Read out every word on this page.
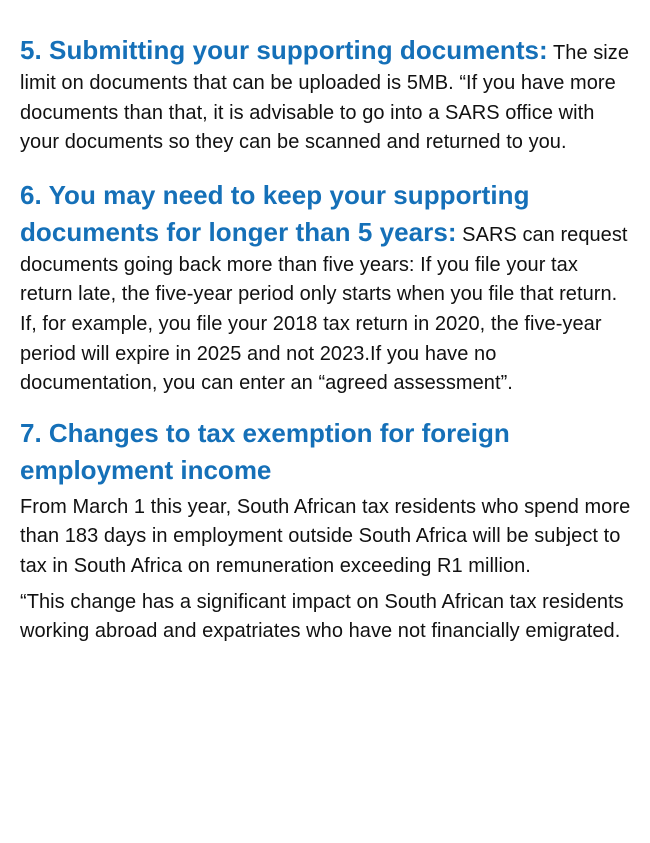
5. Submitting your supporting documents: The size limit on documents that can be uploaded is 5MB. “If you have more documents than that, it is advisable to go into a SARS office with your documents so they can be scanned and returned to you.

6. You may need to keep your supporting documents for longer than 5 years: SARS can request documents going back more than five years: If you file your tax return late, the five-year period only starts when you file that return. If, for example, you file your 2018 tax return in 2020, the five-year period will expire in 2025 and not 2023.If you have no documentation, you can enter an “agreed assessment”.

7. Changes to tax exemption for foreign employment income

From March 1 this year, South African tax residents who spend more than 183 days in employment outside South Africa will be subject to tax in South Africa on remuneration exceeding R1 million.

“This change has a significant impact on South African tax residents working abroad and expatriates who have not financially emigrated.
